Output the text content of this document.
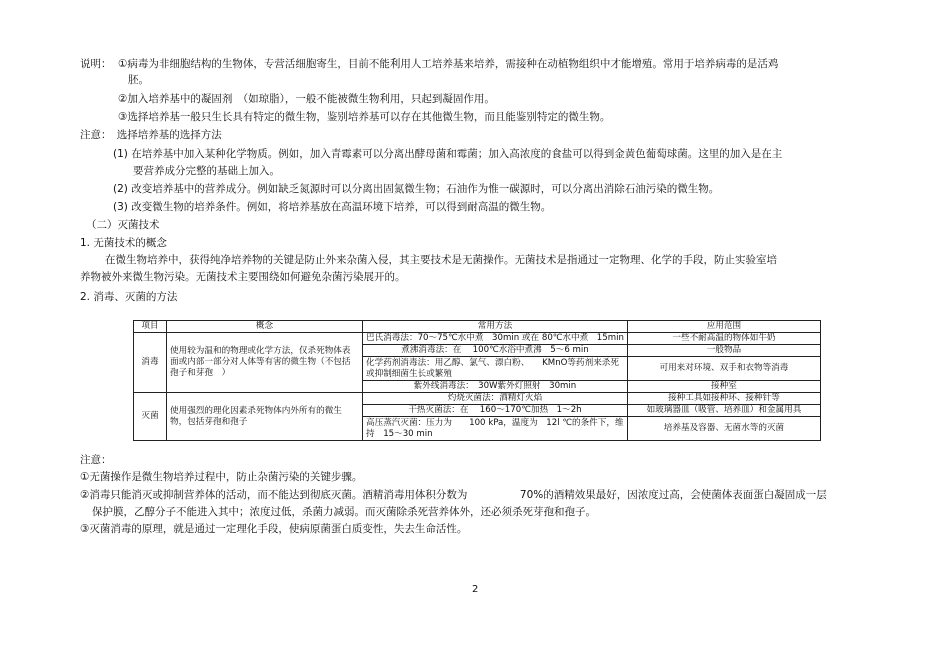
说明： ①病毒为非细胞结构的生物体，专营活细胞寄生，目前不能利用人工培养基来培养，需接种在动植物组织中才能增殖。常用于培养病毒的是活鸡
胚。
②加入培养基中的凝固剂　（如琼脂），一般不能被微生物利用，只起到凝固作用。
③选择培养基一般只生长具有特定的微生物，鉴别培养基可以存在其他微生物，而且能鉴别特定的微生物。
注意：　选择培养基的选择方法
(1) 在培养基中加入某种化学物质。例如，加入青霉素可以分离出酵母菌和霉菌；加入高浓度的食盐可以得到金黄色葡萄球菌。这里的加入是在主
要营养成分完整的基础上加入。
(2) 改变培养基中的营养成分。例如缺乏氮源时可以分离出固氮微生物；石油作为惟一碳源时，可以分离出消除石油污染的微生物。
(3) 改变微生物的培养条件。例如，将培养基放在高温环境下培养，可以得到耐高温的微生物。
（二）灭菌技术
1. 无菌技术的概念
在微生物培养中，获得纯净培养物的关键是防止外来杂菌入侵，其主要技术是无菌操作。无菌技术是指通过一定物理、化学的手段，防止实验室培
养物被外来微生物污染。无菌技术主要围绕如何避免杂菌污染展开的。
2. 消毒、灭菌的方法
项目	概念	常用方法	应用范围
消毒	使用较为温和的物理或化学方法，仅杀死物体表面或内部一部分对人体等有害的微生物（不包括孢子和芽孢　）	巴氏消毒法：70～75℃水中煮　30min 或在 80℃水中煮　15min	一些不耐高温的物体如牛奶
		煮沸消毒法：在　 100℃水浴中煮沸　5～6 min	一般物品
		化学药剂消毒法：用乙醇、氯气、漂白粉、　　KMnO等药剂来杀死或抑制细菌生长或繁殖	可用来对环境、双手和衣物等消毒
		紫外线消毒法：　30W紫外灯照射　30min	接种室
灭菌	使用强烈的理化因素杀死物体内外所有的微生物，包括芽孢和孢子	灼烧灭菌法：酒精灯火焰	接种工具如接种环、接种针等
		干热灭菌法：在　 160～170℃加热　1～2h	如玻璃器皿（吸管、培养皿）和金属用具
		高压蒸汽灭菌：压力为　　100 kPa，温度为　12l ℃的条件下，维持　15～30 min	培养基及容器、无菌水等的灭菌
注意：
①无菌操作是微生物培养过程中，防止杂菌污染的关键步骤。
②消毒只能消灭或抑制营养体的活动，而不能达到彻底灭菌。酒精消毒用体积分数为　　　　　70%的酒精效果最好，因浓度过高，会使菌体表面蛋白凝固成一层
保护膜，乙醇分子不能进入其中；浓度过低，杀菌力减弱。而灭菌除杀死营养体外，还必须杀死芽孢和孢子。
③灭菌消毒的原理，就是通过一定理化手段，使病原菌蛋白质变性，失去生命活性。
2
